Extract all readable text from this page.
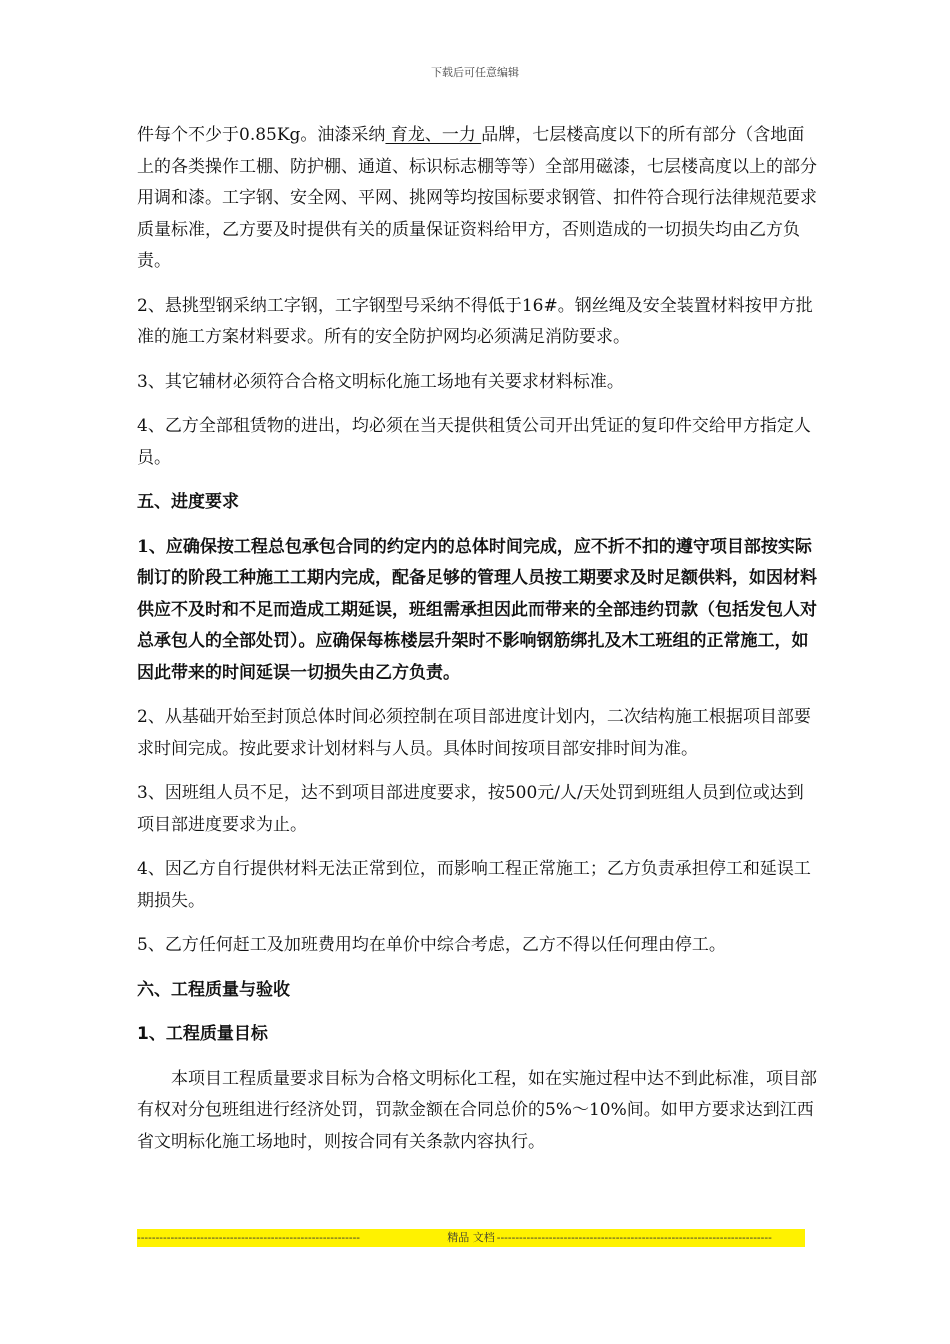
下载后可任意编辑

件每个不少于0.85Kg。油漆采纳 育龙、一力 品牌，七层楼高度以下的所有部分（含地面上的各类操作工棚、防护棚、通道、标识标志棚等等）全部用磁漆，七层楼高度以上的部分用调和漆。工字钢、安全网、平网、挑网等均按国标要求钢管、扣件符合现行法律规范要求质量标准，乙方要及时提供有关的质量保证资料给甲方，否则造成的一切损失均由乙方负责。

2、悬挑型钢采纳工字钢，工字钢型号采纳不得低于16#。钢丝绳及安全装置材料按甲方批准的施工方案材料要求。所有的安全防护网均必须满足消防要求。

3、其它辅材必须符合合格文明标化施工场地有关要求材料标准。

4、乙方全部租赁物的进出，均必须在当天提供租赁公司开出凭证的复印件交给甲方指定人员。

五、进度要求

1、应确保按工程总包承包合同的约定内的总体时间完成，应不折不扣的遵守项目部按实际制订的阶段工种施工工期内完成，配备足够的管理人员按工期要求及时足额供料，如因材料供应不及时和不足而造成工期延误，班组需承担因此而带来的全部违约罚款（包括发包人对总承包人的全部处罚）。应确保每栋楼层升架时不影响钢筋绑扎及木工班组的正常施工，如因此带来的时间延误一切损失由乙方负责。

2、从基础开始至封顶总体时间必须控制在项目部进度计划内，二次结构施工根据项目部要求时间完成。按此要求计划材料与人员。具体时间按项目部安排时间为准。

3、因班组人员不足，达不到项目部进度要求，按500元/人/天处罚到班组人员到位或达到项目部进度要求为止。

4、因乙方自行提供材料无法正常到位，而影响工程正常施工；乙方负责承担停工和延误工期损失。

5、乙方任何赶工及加班费用均在单价中综合考虑，乙方不得以任何理由停工。

六、工程质量与验收

1、工程质量目标

本项目工程质量要求目标为合格文明标化工程，如在实施过程中达不到此标准，项目部有权对分包班组进行经济处罚，罚款金额在合同总价的5%～10%间。如甲方要求达到江西省文明标化施工场地时，则按合同有关条款内容执行。

------------------------------------------------------------	精品 文档 --------------------------------------------------------------------------
